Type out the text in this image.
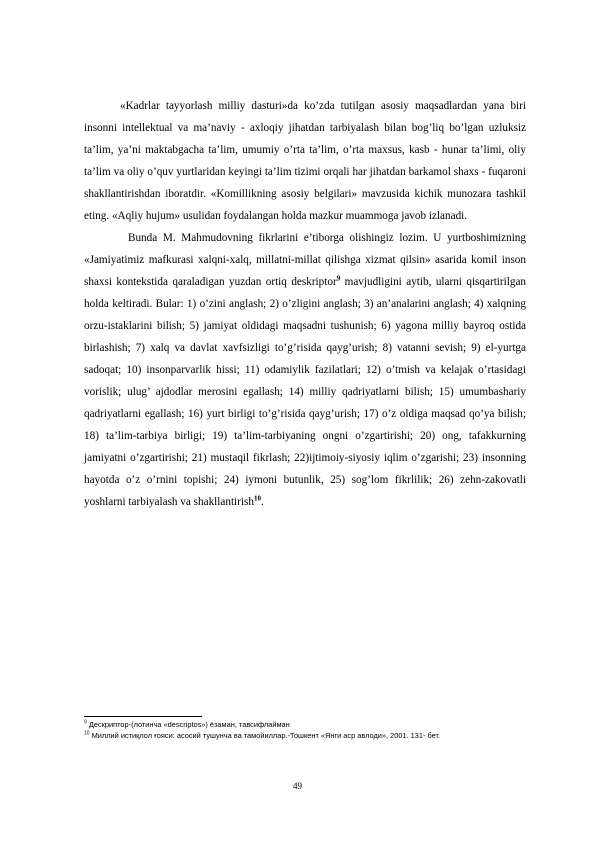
«Kadrlar tayyorlash milliy dasturi»da ko’zda tutilgan asosiy maqsadlardan yana biri insonni intellektual va ma’naviy - axloqiy jihatdan tarbiyalash bilan bog’liq bo’lgan uzluksiz ta’lim, ya’ni maktabgacha ta’lim, umumiy o’rta ta’lim, o’rta maxsus, kasb - hunar ta’limi, oliy ta’lim va oliy o’quv yurtlaridan keyingi ta’lim tizimi orqali har jihatdan barkamol shaxs - fuqaroni shakllantirishdan iboratdir. «Komillikning asosiy belgilari» mavzusida kichik munozara tashkil eting. «Aqliy hujum» usulidan foydalangan holda mazkur muammoga javob izlanadi.

Bunda M. Mahmudovning fikrlarini e’tiborga olishingiz lozim. U yurtboshimizning «Jamiyatimiz mafkurasi xalqni-xalq, millatni-millat qilishga xizmat qilsin» asarida komil inson shaxsi kontekstida qaraladigan yuzdan ortiq deskriptor$^9$ mavjudligini aytib, ularni qisqartirilgan holda keltiradi. Bular: 1) o’zini anglash; 2) o’zligini anglash; 3) an’analarini anglash; 4) xalqning orzu-istaklarini bilish; 5) jamiyat oldidagi maqsadni tushunish; 6) yagona milliy bayroq ostida birlashish; 7) xalq va davlat xavfsizligi to’g’risida qayg’urish; 8) vatanni sevish; 9) el-yurtga sadoqat; 10) insonparvarlik hissi; 11) odamiylik fazilatlari; 12) o’tmish va kelajak o’rtasidagi vorislik; ulug’ ajdodlar merosini egallash; 14) milliy qadriyatlarni bilish; 15) umumbashariy qadriyatlarni egallash; 16) yurt birligi to’g’risida qayg’urish; 17) o’z oldiga maqsad qo’ya bilish; 18) ta’lim-tarbiya birligi; 19) ta’lim-tarbiyaning ongni o’zgartirishi; 20) ong, tafakkurning jamiyatni o’zgartirishi; 21) mustaqil fikrlash; 22)ijtimoiy-siyosiy iqlim o’zgarishi; 23) insonning hayotda o’z o’rnini topishi; 24) iymoni butunlik, 25) sog’lom fikrlilik; 26) zehn-zakovatli yoshlarni tarbiyalash va shakllantirish$^{10}$.

$^9$ Дескриптор-(лотинча «descriptos») ёзаман, тавсифлайман

$^{10}$ Миллий истиқлол ғояси: асосий тушунча ва тамойиллар.-Тошкент «Янги аср авлоди», 2001. 131- бет.

49
